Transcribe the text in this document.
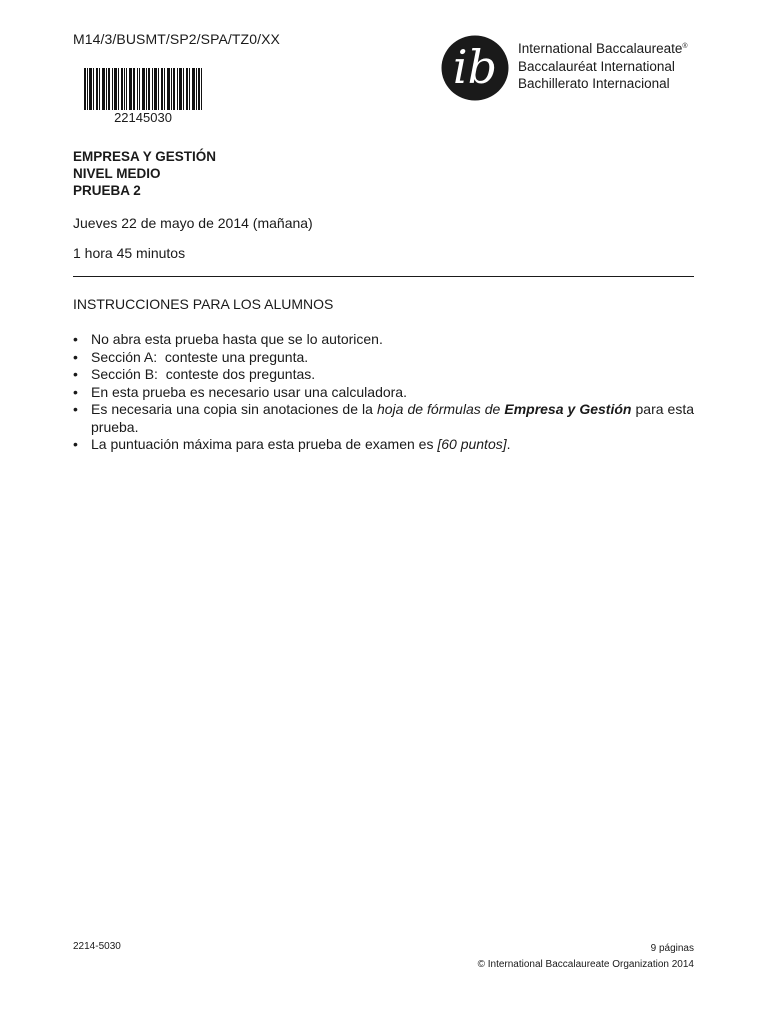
M14/3/BUSMT/SP2/SPA/TZ0/XX
22145030
ib International Baccalaureate®
Baccalauréat International
Bachillerato Internacional
EMPRESA Y GESTIÓN
NIVEL MEDIO
PRUEBA 2
Jueves 22 de mayo de 2014 (mañana)
1 hora 45 minutos
INSTRUCCIONES PARA LOS ALUMNOS
• No abra esta prueba hasta que se lo autoricen.
• Sección A:  conteste una pregunta.
• Sección B:  conteste dos preguntas.
• En esta prueba es necesario usar una calculadora.
• Es necesaria una copia sin anotaciones de la hoja de fórmulas de Empresa y Gestión para esta prueba.
• La puntuación máxima para esta prueba de examen es [60 puntos].
2214-5030	9 páginas
© International Baccalaureate Organization 2014
